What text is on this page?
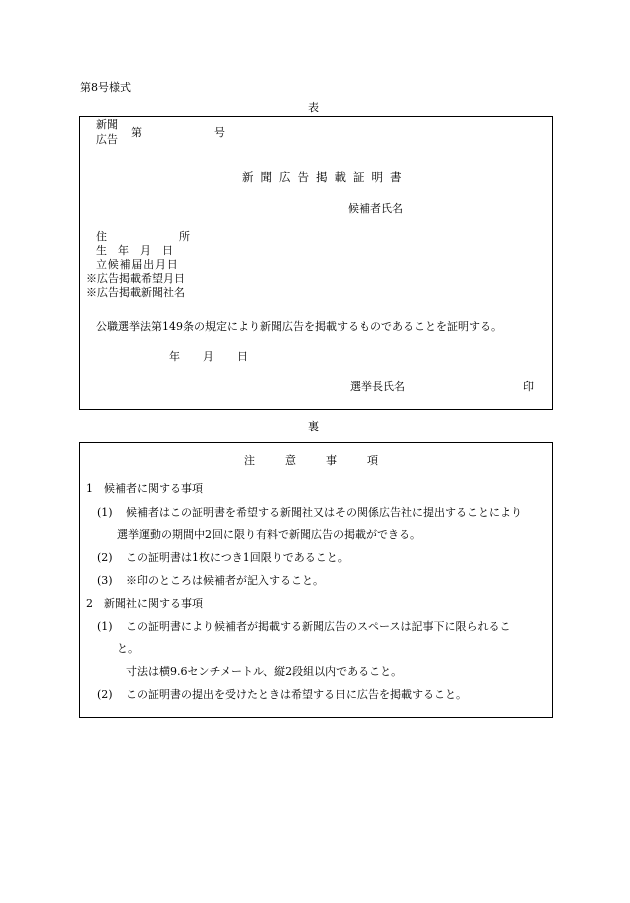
第8号様式
表
新聞
広告
第	号
新聞広告掲載証明書
候補者氏名
住	所
生年月日
立候補届出月日
※広告掲載希望月日
※広告掲載新聞社名
公職選挙法第149条の規定により新聞広告を掲載するものであることを証明する。
年 月 日
選挙長氏名	印
裏
注意事項
1　候補者に関する事項
(1) 候補者はこの証明書を希望する新聞社又はその関係広告社に提出することにより
選挙運動の期間中2回に限り有料で新聞広告の掲載ができる。
(2) この証明書は1枚につき1回限りであること。
(3) ※印のところは候補者が記入すること。
2　新聞社に関する事項
(1) この証明書により候補者が掲載する新聞広告のスペースは記事下に限られるこ
と。
寸法は横9.6センチメートル、縦2段組以内であること。
(2) この証明書の提出を受けたときは希望する日に広告を掲載すること。
